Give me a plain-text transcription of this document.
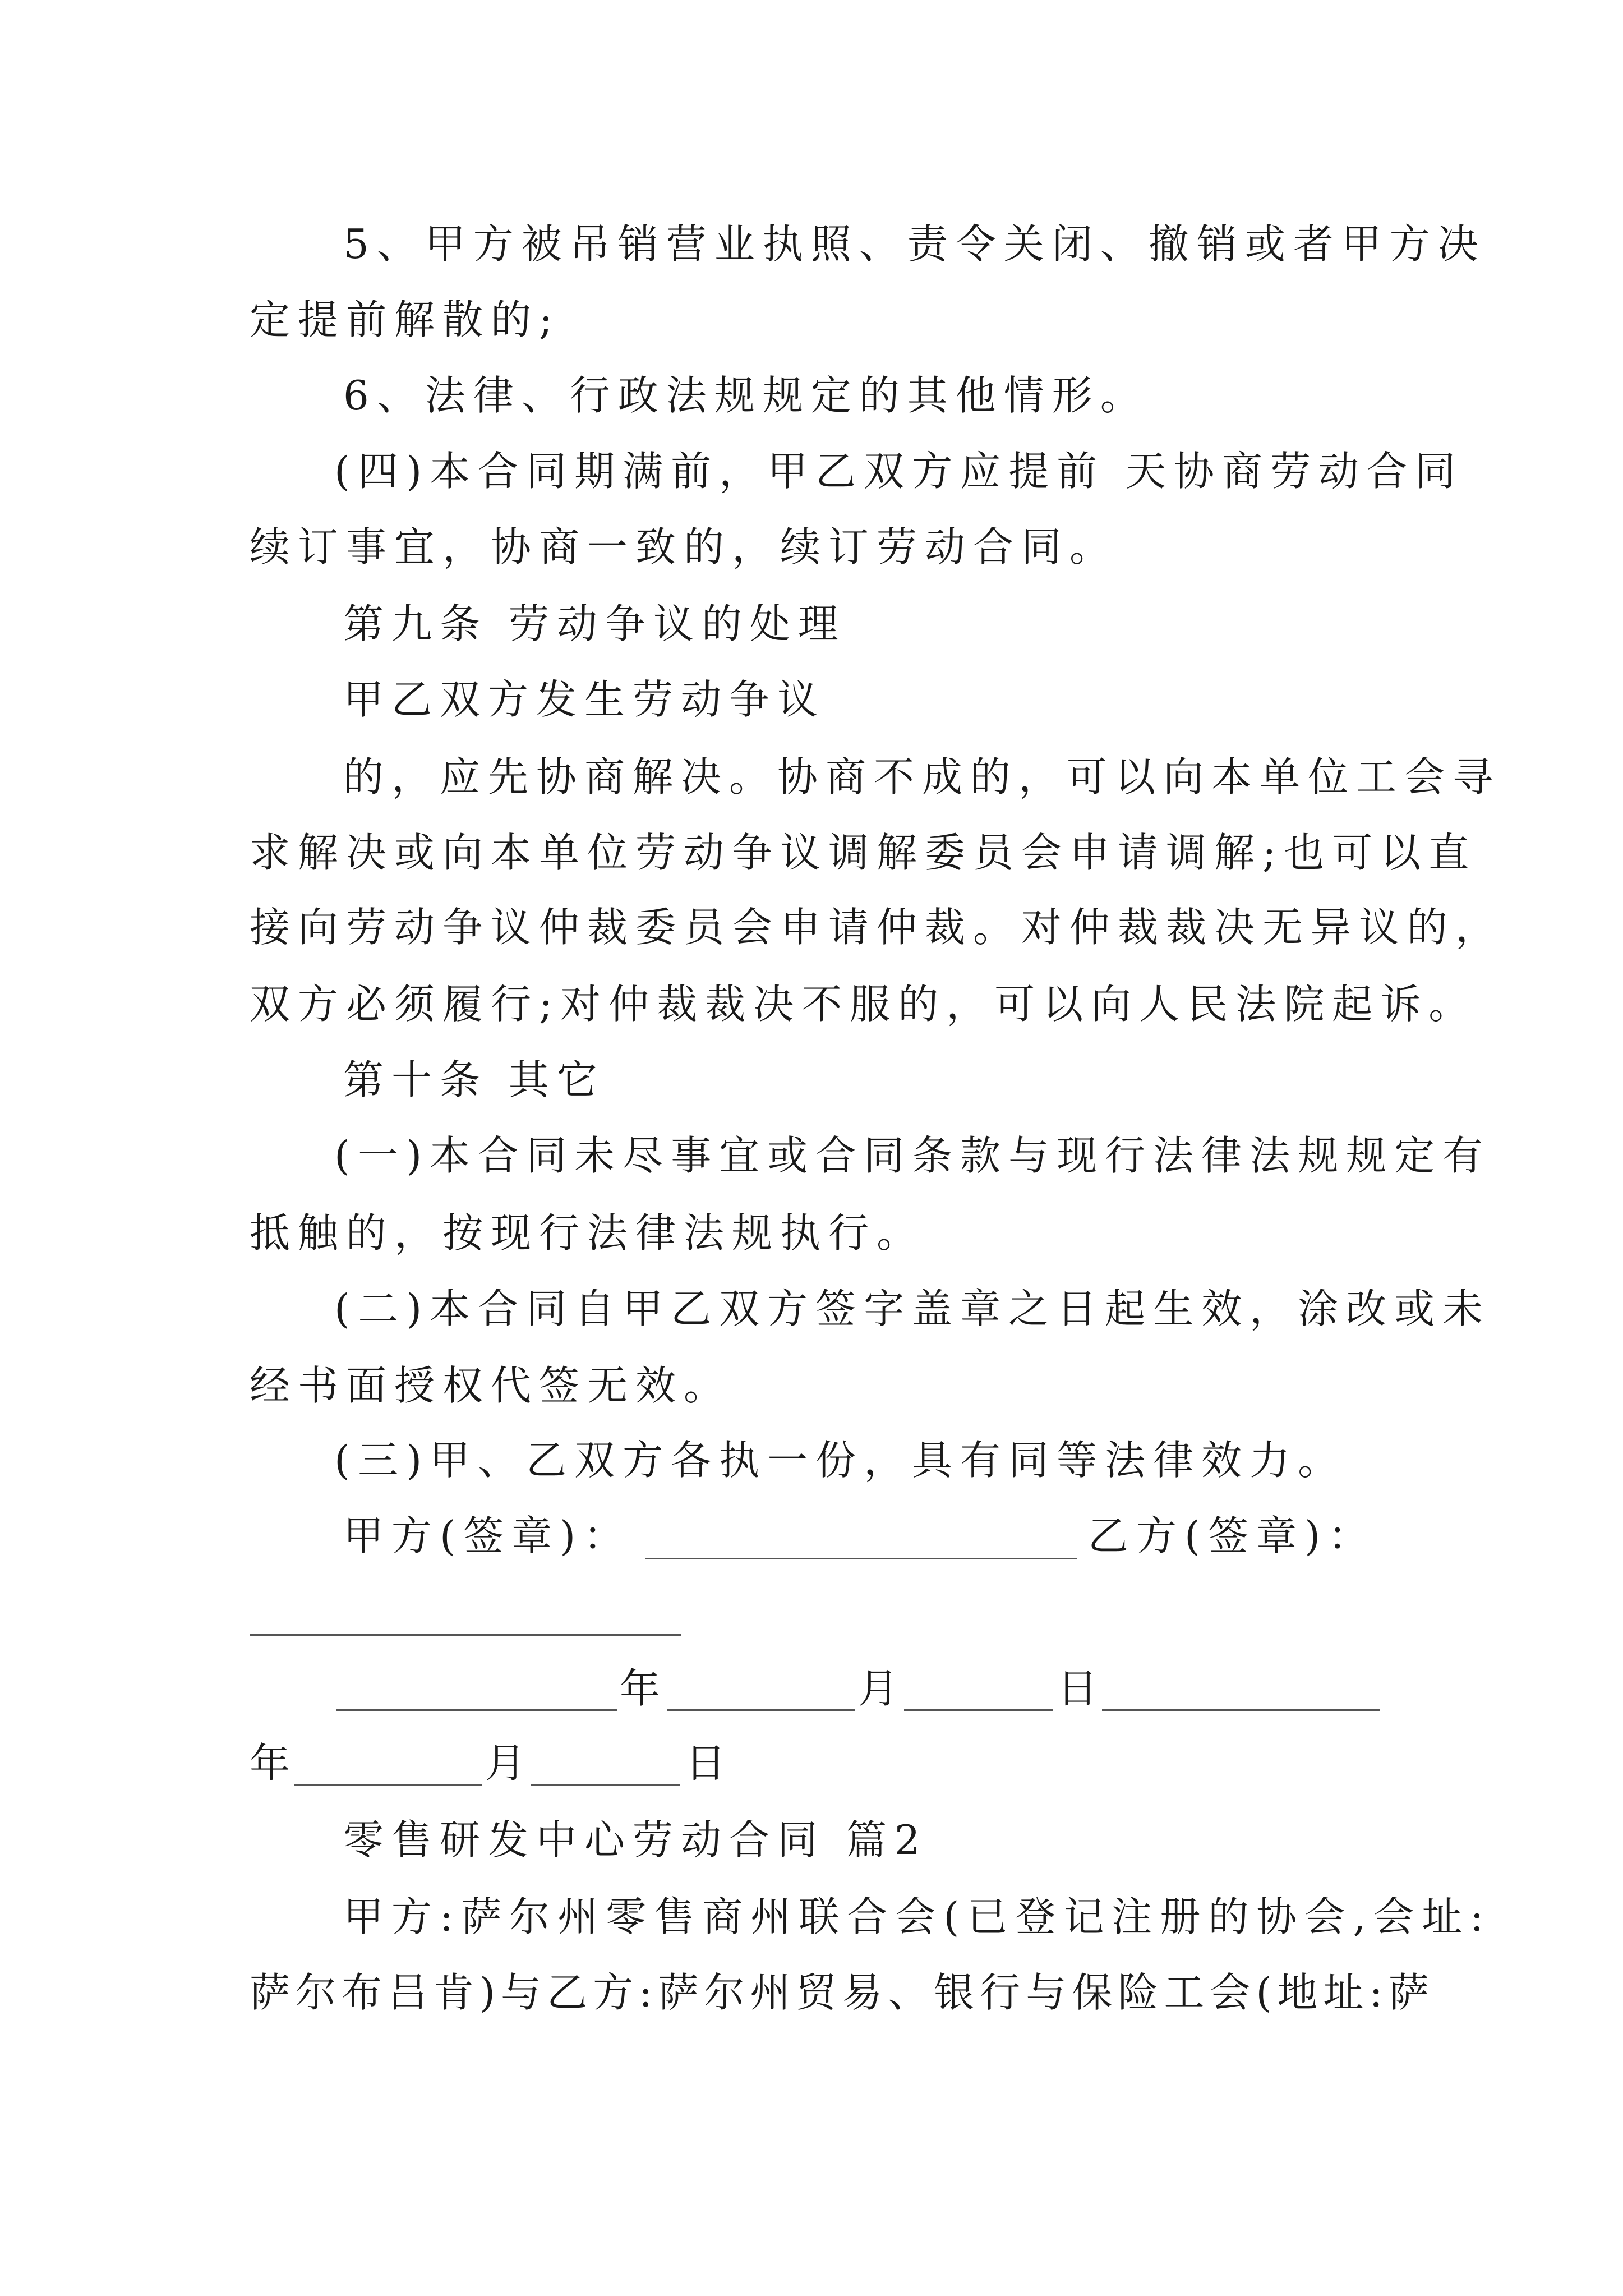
5、甲方被吊销营业执照、责令关闭、撤销或者甲方决
定提前解散的;
6、法律、行政法规规定的其他情形。
(四)本合同期满前，甲乙双方应提前 天协商劳动合同
续订事宜，协商一致的，续订劳动合同。
第九条 劳动争议的处理
甲乙双方发生劳动争议
的，应先协商解决。协商不成的，可以向本单位工会寻
求解决或向本单位劳动争议调解委员会申请调解;也可以直
接向劳动争议仲裁委员会申请仲裁。对仲裁裁决无异议的，
双方必须履行;对仲裁裁决不服的，可以向人民法院起诉。
第十条 其它
(一)本合同未尽事宜或合同条款与现行法律法规规定有
抵触的，按现行法律法规执行。
(二)本合同自甲乙双方签字盖章之日起生效，涂改或未
经书面授权代签无效。
(三)甲、乙双方各执一份，具有同等法律效力。
甲方(签章)：	乙方(签章)：
年	月	日
年	月	日
零售研发中心劳动合同 篇2
甲方:萨尔州零售商州联合会(已登记注册的协会,会址:
萨尔布吕肯)与乙方:萨尔州贸易、银行与保险工会(地址:萨
